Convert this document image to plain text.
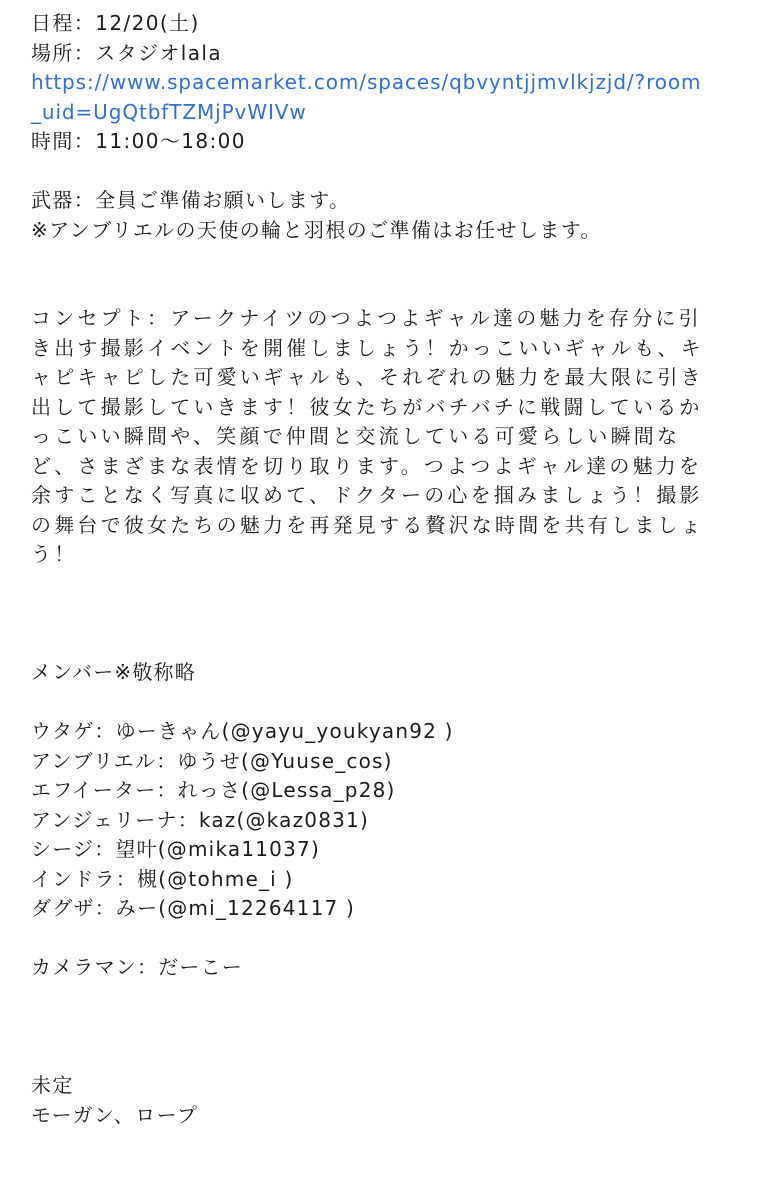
日程：12/20(土)
場所：スタジオlala
https://www.spacemarket.com/spaces/qbvyntjjmvlkjzjd/?room
_uid=UgQtbfTZMjPvWIVw
時間：11:00〜18:00
武器：全員ご準備お願いします。
※アンブリエルの天使の輪と羽根のご準備はお任せします。
コンセプト：アークナイツのつよつよギャル達の魅力を存分に引
き出す撮影イベントを開催しましょう！かっこいいギャルも、キ
ャピキャピした可愛いギャルも、それぞれの魅力を最大限に引き
出して撮影していきます！彼女たちがバチバチに戦闘しているか
っこいい瞬間や、笑顔で仲間と交流している可愛らしい瞬間な
ど、さまざまな表情を切り取ります。つよつよギャル達の魅力を
余すことなく写真に収めて、ドクターの心を掴みましょう！撮影
の舞台で彼女たちの魅力を再発見する贅沢な時間を共有しましょ
う！
メンバー※敬称略
ウタゲ：ゆーきゃん(@yayu_youkyan92 )
アンブリエル：ゆうせ(@Yuuse_cos)
エフイーター：れっさ(@Lessa_p28)
アンジェリーナ：kaz(@kaz0831)
シージ：望叶(@mika11037)
インドラ：槻(@tohme_i )
ダグザ：みー(@mi_12264117 )
カメラマン：だーこー
未定
モーガン、ロープ
